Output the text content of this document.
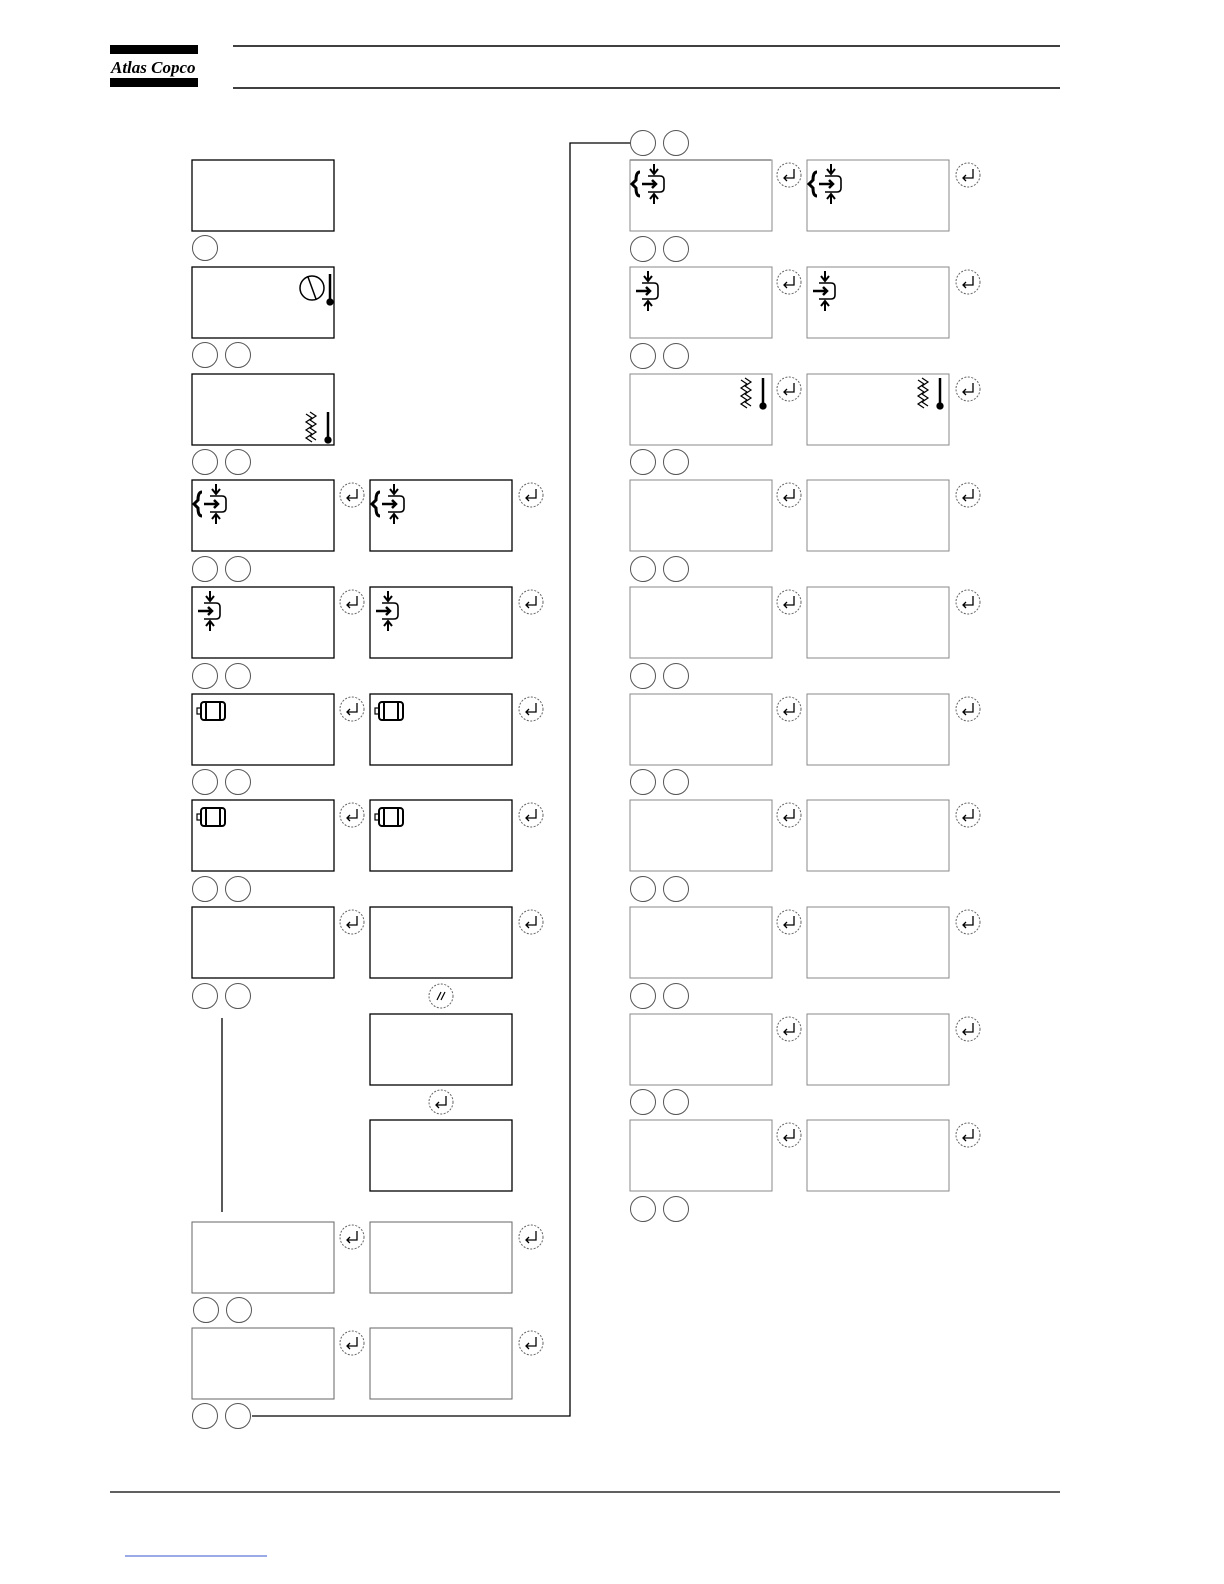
Atlas Copco
